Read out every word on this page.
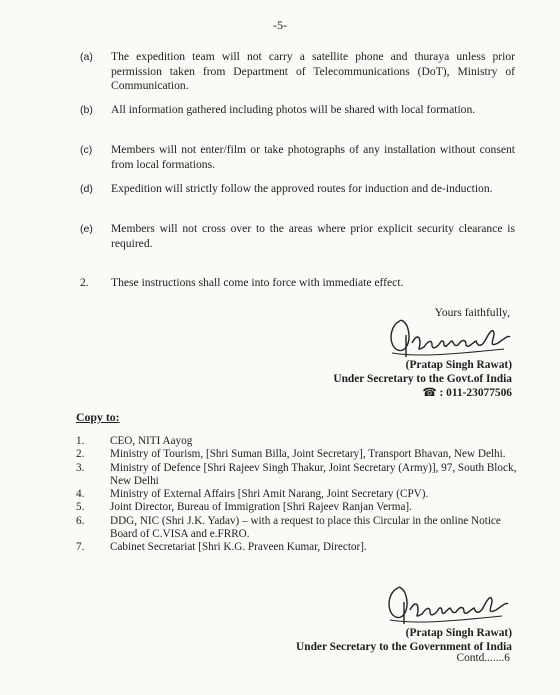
-5-
(a) The expedition team will not carry a satellite phone and thuraya unless prior permission taken from Department of Telecommunications (DoT), Ministry of Communication.
(b) All information gathered including photos will be shared with local formation.
(c) Members will not enter/film or take photographs of any installation without consent from local formations.
(d) Expedition will strictly follow the approved routes for induction and de-induction.
(e) Members will not cross over to the areas where prior explicit security clearance is required.
2. These instructions shall come into force with immediate effect.
Yours faithfully,
(Pratap Singh Rawat)
Under Secretary to the Govt.of India
☎ : 011-23077506
Copy to:
1. CEO, NITI Aayog
2. Ministry of Tourism, [Shri Suman Billa, Joint Secretary], Transport Bhavan, New Delhi.
3. Ministry of Defence [Shri Rajeev Singh Thakur, Joint Secretary (Army)], 97, South Block, New Delhi
4. Ministry of External Affairs [Shri Amit Narang, Joint Secretary (CPV).
5. Joint Director, Bureau of Immigration [Shri Rajeev Ranjan Verma].
6. DDG, NIC (Shri J.K. Yadav) – with a request to place this Circular in the online Notice Board of C.VISA and e.FRRO.
7. Cabinet Secretariat [Shri K.G. Praveen Kumar, Director].
(Pratap Singh Rawat)
Under Secretary to the Government of India
Contd.......6
